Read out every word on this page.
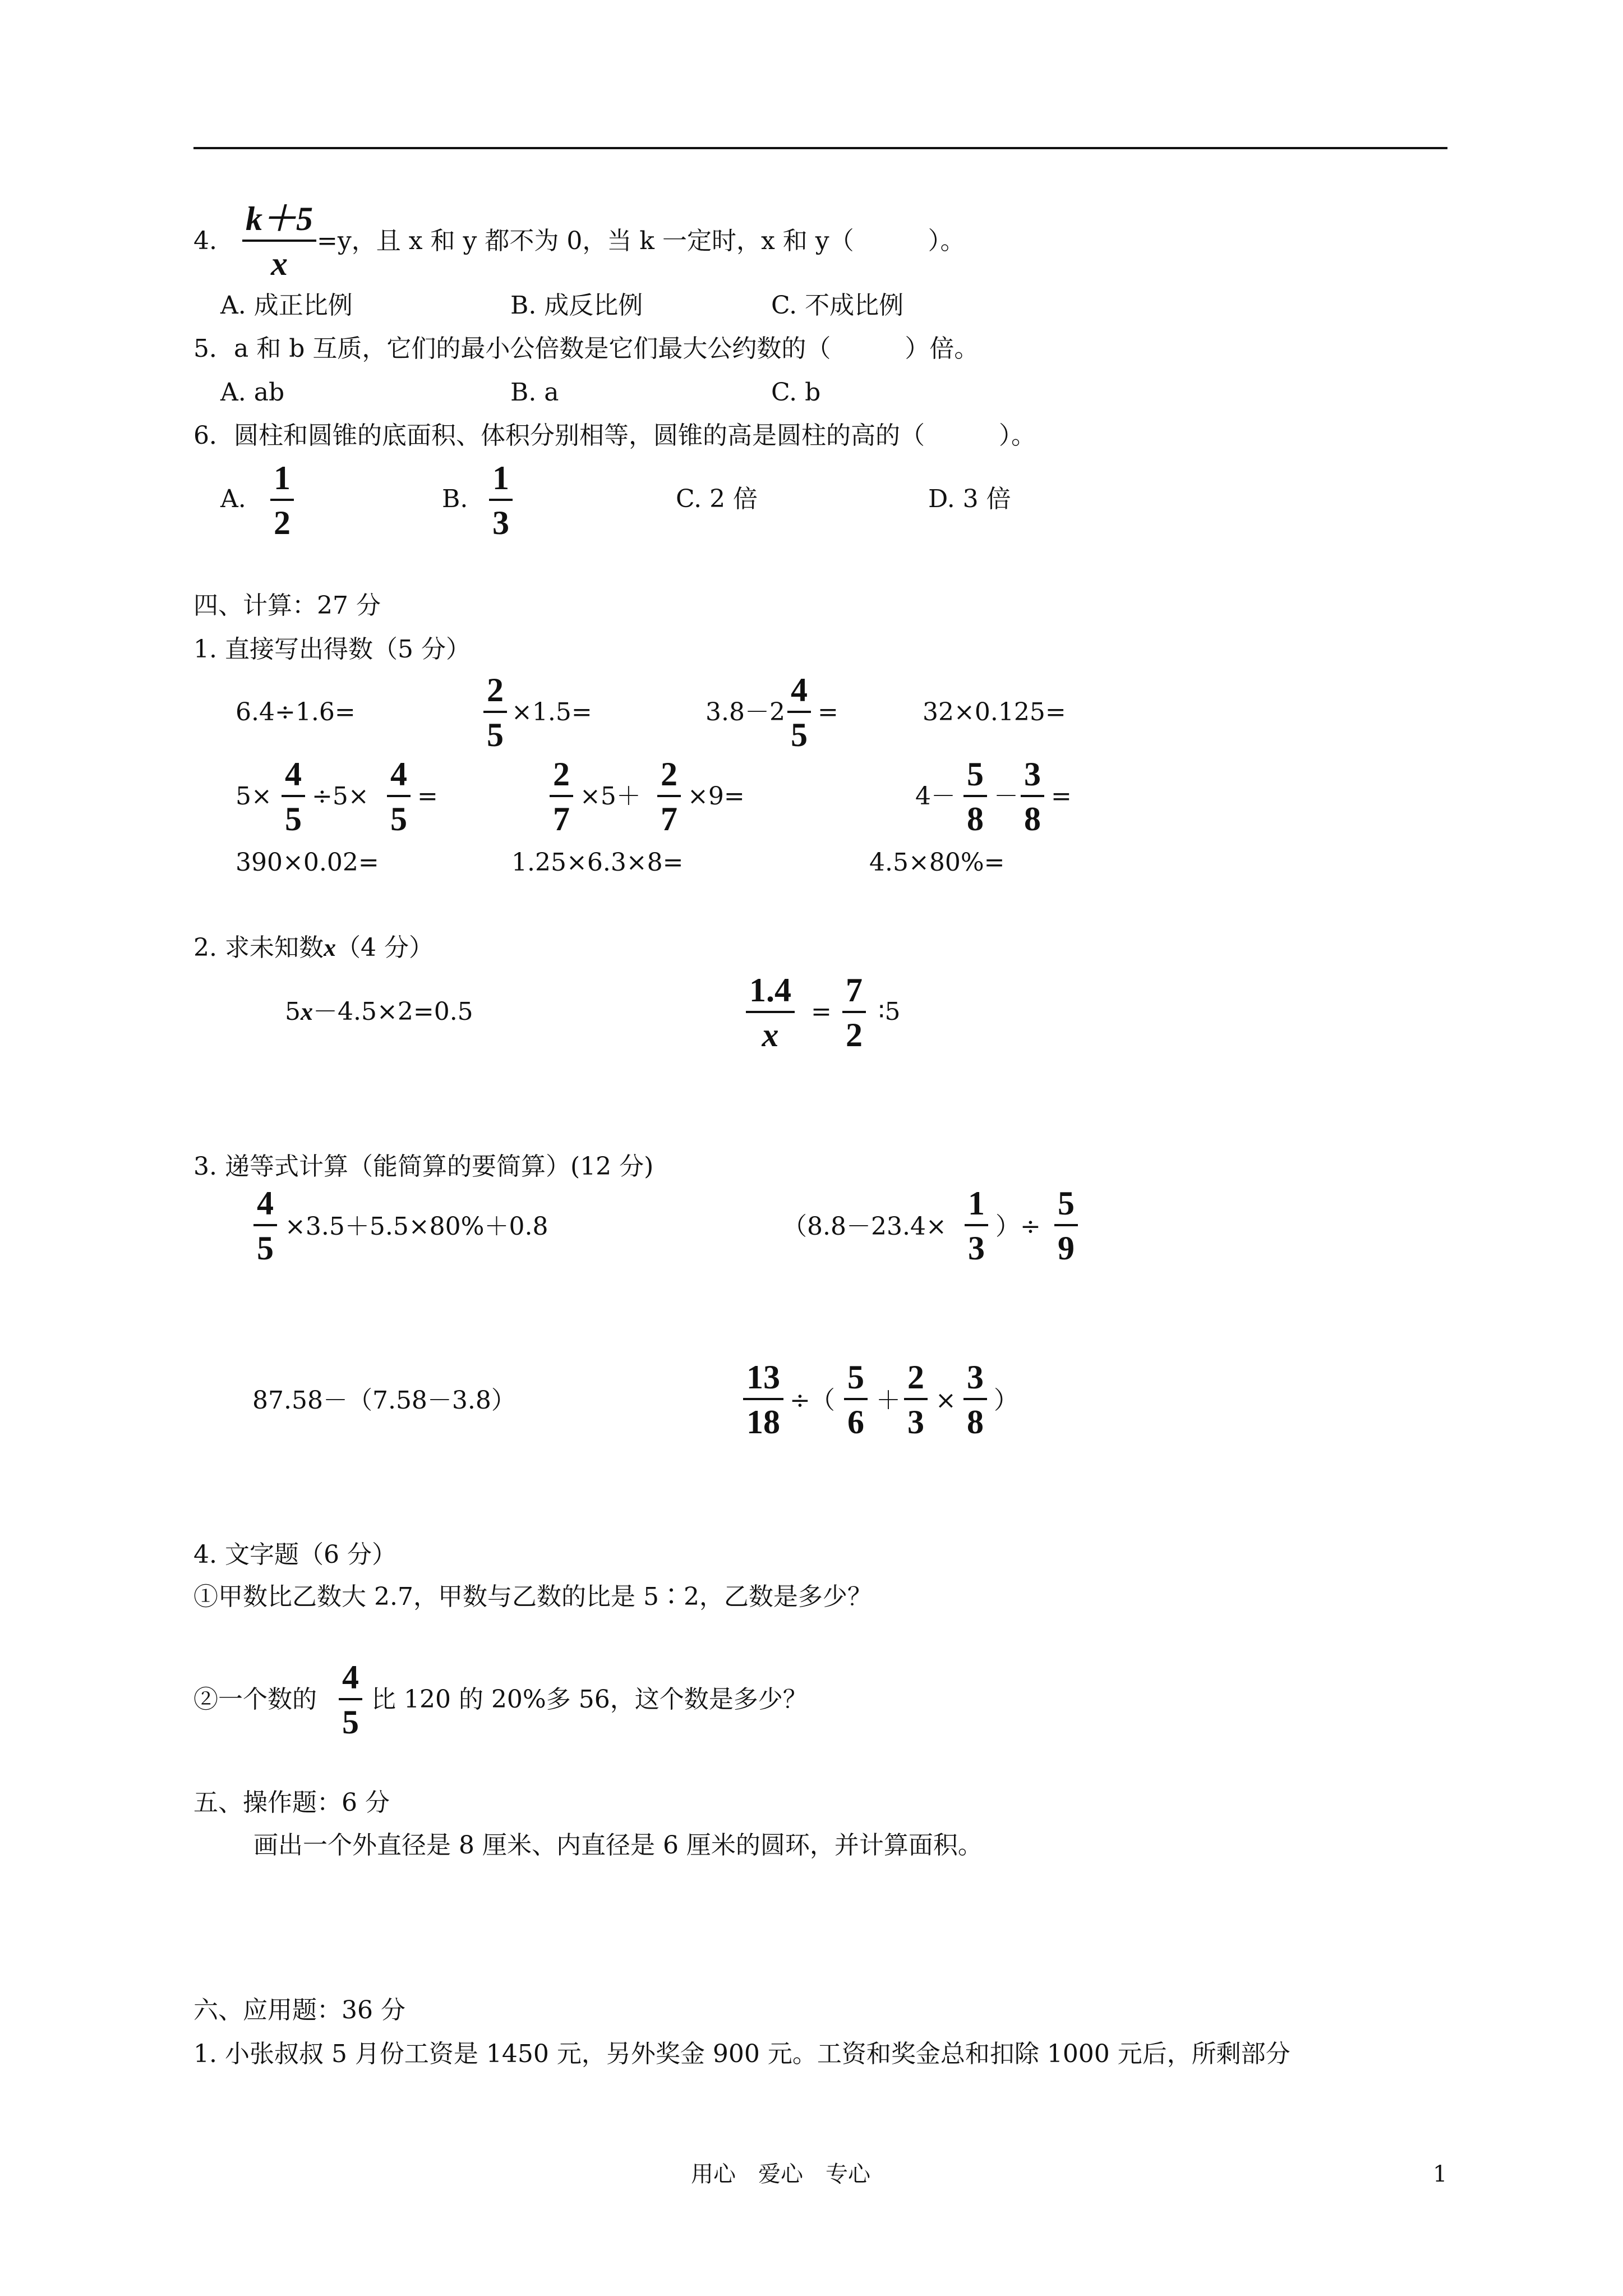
4.
k＋5
x
=y，且 x 和 y 都不为 0，当 k 一定时，x 和 y（　　　）。
A. 成正比例	B. 成反比例	C. 不成比例
5．a 和 b 互质，它们的最小公倍数是它们最大公约数的（　　　）倍。
A. ab	B. a	C. b
6．圆柱和圆锥的底面积、体积分别相等，圆锥的高是圆柱的高的（　　　）。
A.
1
2
B.
1
3
C. 2 倍	D. 3 倍
四、计算：27 分
1. 直接写出得数（5 分）
6.4÷1.6=
2
5
×1.5=	3.8－2
4
5
=	32×0.125=
5×
4
5
÷5×
4
5
=
2
7
×5＋
2
7
×9=	4－
5
8
－
3
8
=
390×0.02=	1.25×6.3×8=	4.5×80%=
2. 求未知数x（4 分）
5x－4.5×2=0.5
1.4
x
=
7
2
∶5
3. 递等式计算（能简算的要简算）(12 分)
4
5
×3.5＋5.5×80%＋0.8	（8.8－23.4×
1
3
）÷
5
9
87.58－（7.58－3.8）
13
18
÷（
5
6
＋
2
3
×
3
8
）
4. 文字题（6 分）
①甲数比乙数大 2.7，甲数与乙数的比是 5∶2，乙数是多少？
②一个数的
4
5
比 120 的 20%多 56，这个数是多少？
五、操作题：6 分
画出一个外直径是 8 厘米、内直径是 6 厘米的圆环，并计算面积。
六、应用题：36 分
1. 小张叔叔 5 月份工资是 1450 元，另外奖金 900 元。工资和奖金总和扣除 1000 元后，所剩部分
用心　爱心　专心	1
